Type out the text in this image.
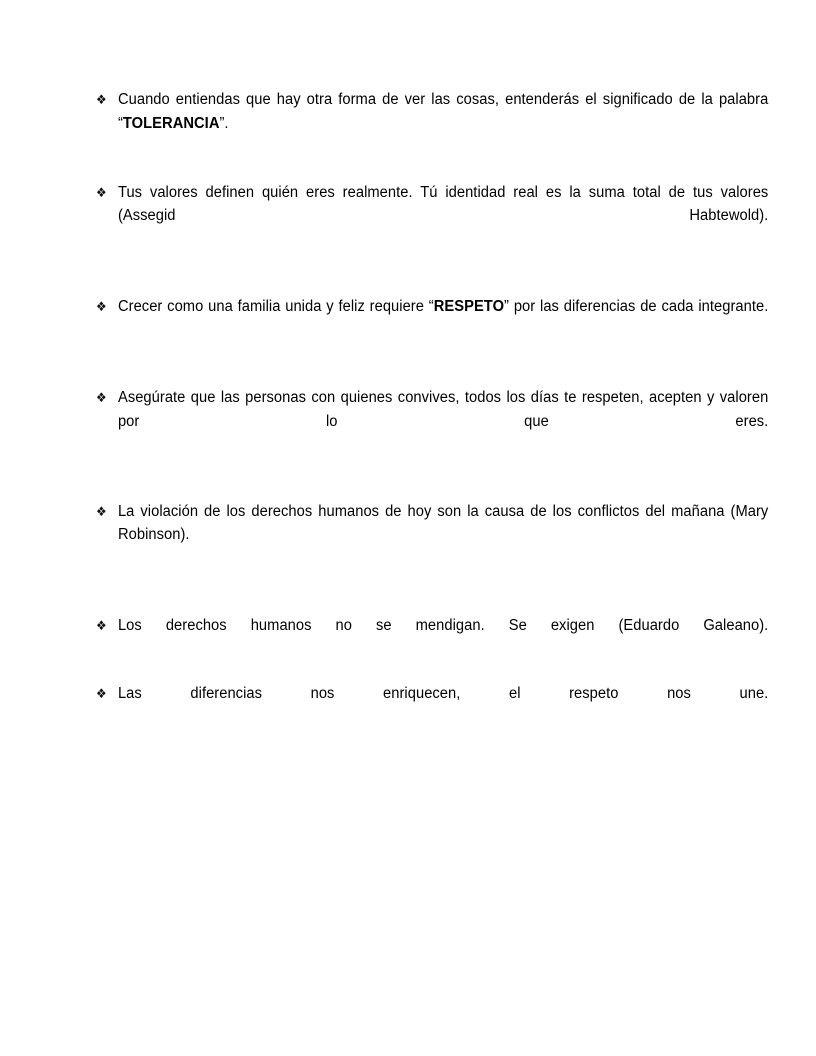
❖ Cuando entiendas que hay otra forma de ver las cosas, entenderás el significado de la palabra “TOLERANCIA”.
❖ Tus valores definen quién eres realmente. Tú identidad real es la suma total de tus valores (Assegid Habtewold).
❖ Crecer como una familia unida y feliz requiere “RESPETO” por las diferencias de cada integrante.
❖ Asegúrate que las personas con quienes convives, todos los días te respeten, acepten y valoren por lo que eres.
❖ La violación de los derechos humanos de hoy son la causa de los conflictos del mañana (Mary Robinson).
❖ Los derechos humanos no se mendigan. Se exigen (Eduardo Galeano).
❖ Las diferencias nos enriquecen, el respeto nos une.
